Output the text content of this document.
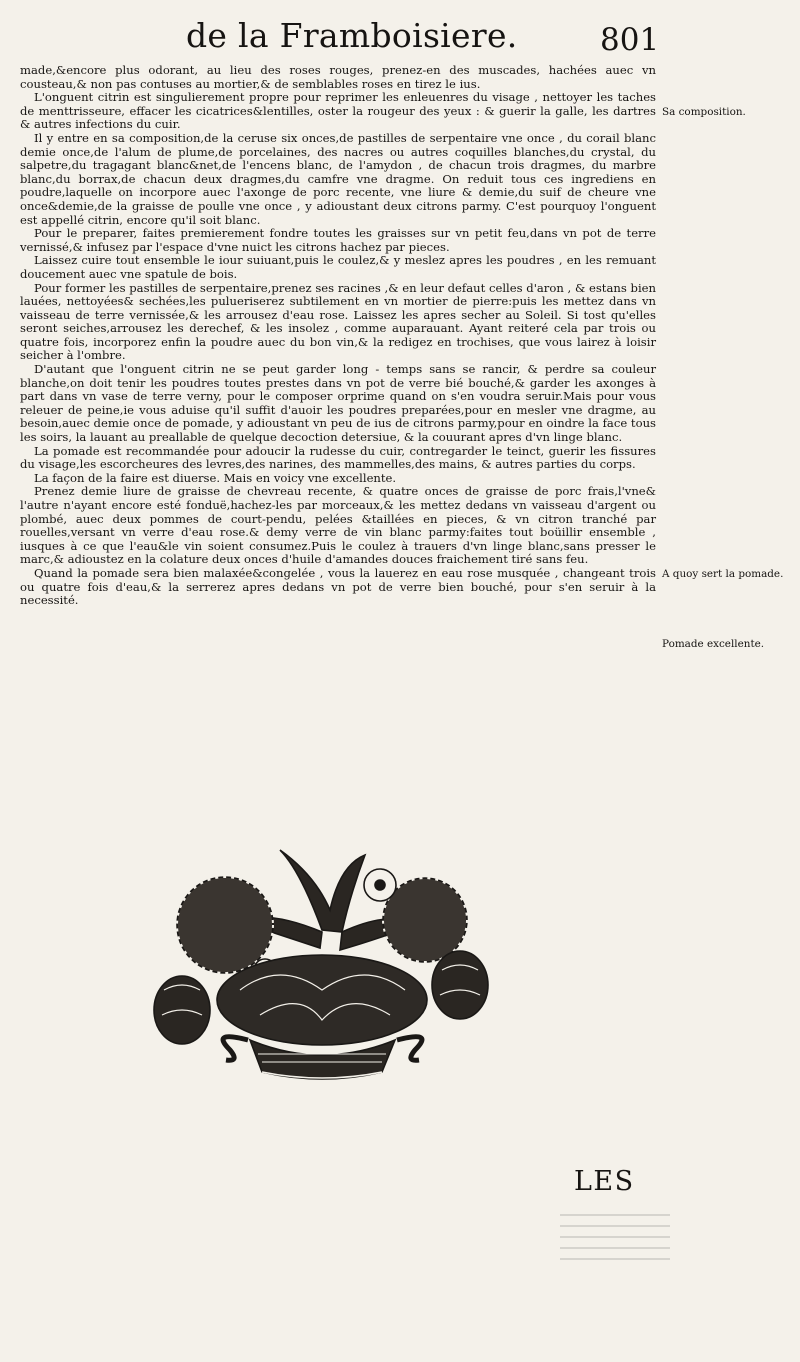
de la Framboisiere.	801

made,&encore plus odorant, au lieu des roses rouges, prenez-en des muscades, hachées auec vn cousteau,& non pas contuses au mortier,& de semblables roses en tirez le ius.

L'onguent citrin est singulierement propre pour reprimer les enleuenres du visage , nettoyer les taches de menttrisseure, effacer les cicatrices&lentilles, oster la rougeur des yeux : & guerir la galle, les dartres & autres infections du cuir.

Il y entre en sa composition,de la ceruse six onces,de pastilles de serpentaire vne once , du corail blanc demie once,de l'alum de plume,de porcelaines, des nacres ou autres coquilles blanches,du crystal, du salpetre,du tragagant blanc&net,de l'encens blanc, de l'amydon , de chacun trois dragmes, du marbre blanc,du borrax,de chacun deux dragmes,du camfre vne dragme. On reduit tous ces ingrediens en poudre,laquelle on incorpore auec l'axonge de porc recente, vne liure & demie,du suif de cheure vne once&demie,de la graisse de poulle vne once , y adioustant deux citrons parmy. C'est pourquoy l'onguent est appellé citrin, encore qu'il soit blanc.

Pour le preparer, faites premierement fondre toutes les graisses sur vn petit feu,dans vn pot de terre vernissé,& infusez par l'espace d'vne nuict les citrons hachez par pieces.

Laissez cuire tout ensemble le iour suiuant,puis le coulez,& y meslez apres les poudres , en les remuant doucement auec vne spatule de bois.

Pour former les pastilles de serpentaire,prenez ses racines ,& en leur defaut celles d'aron , & estans bien lauées, nettoyées& sechées,les pulueriserez subtilement en vn mortier de pierre:puis les mettez dans vn vaisseau de terre vernissée,& les arrousez d'eau rose. Laissez les apres secher au Soleil. Si tost qu'elles seront seiches,arrousez les derechef, & les insolez , comme auparauant. Ayant reiteré cela par trois ou quatre fois, incorporez enfin la poudre auec du bon vin,& la redigez en trochises, que vous lairez à loisir seicher à l'ombre.

D'autant que l'onguent citrin ne se peut garder long - temps sans se rancir, & perdre sa couleur blanche,on doit tenir les poudres toutes prestes dans vn pot de verre bié bouché,& garder les axonges à part dans vn vase de terre verny, pour le composer orprime quand on s'en voudra seruir.Mais pour vous releuer de peine,ie vous aduise qu'il suffit d'auoir les poudres preparées,pour en mesler vne dragme, au besoin,auec demie once de pomade, y adioustant vn peu de ius de citrons parmy,pour en oindre la face tous les soirs, la lauant au preallable de quelque decoction detersiue, & la couurant apres d'vn linge blanc.

La pomade est recommandée pour adoucir la rudesse du cuir, contregarder le teinct, guerir les fissures du visage,les escorcheures des levres,des narines, des mammelles,des mains, & autres parties du corps.

La façon de la faire est diuerse. Mais en voicy vne excellente.

Prenez demie liure de graisse de chevreau recente, & quatre onces de graisse de porc frais,l'vne& l'autre n'ayant encore esté fonduë,hachez-les par morceaux,& les mettez dedans vn vaisseau d'argent ou plombé, auec deux pommes de court-pendu, pelées &taillées en pieces, & vn citron tranché par rouelles,versant vn verre d'eau rose.& demy verre de vin blanc parmy:faites tout boüillir ensemble , iusques à ce que l'eau&le vin soient consumez.Puis le coulez à trauers d'vn linge blanc,sans presser le marc,& adioustez en la colature deux onces d'huile d'amandes douces fraichement tiré sans feu.

Quand la pomade sera bien malaxée&congelée , vous la lauerez en eau rose musquée , changeant trois ou quatre fois d'eau,& la serrerez apres dedans vn pot de verre bien bouché, pour s'en seruir à la necessité.

Sa composition.
A quoy sert la pomade.
Pomade excellente.
LES
